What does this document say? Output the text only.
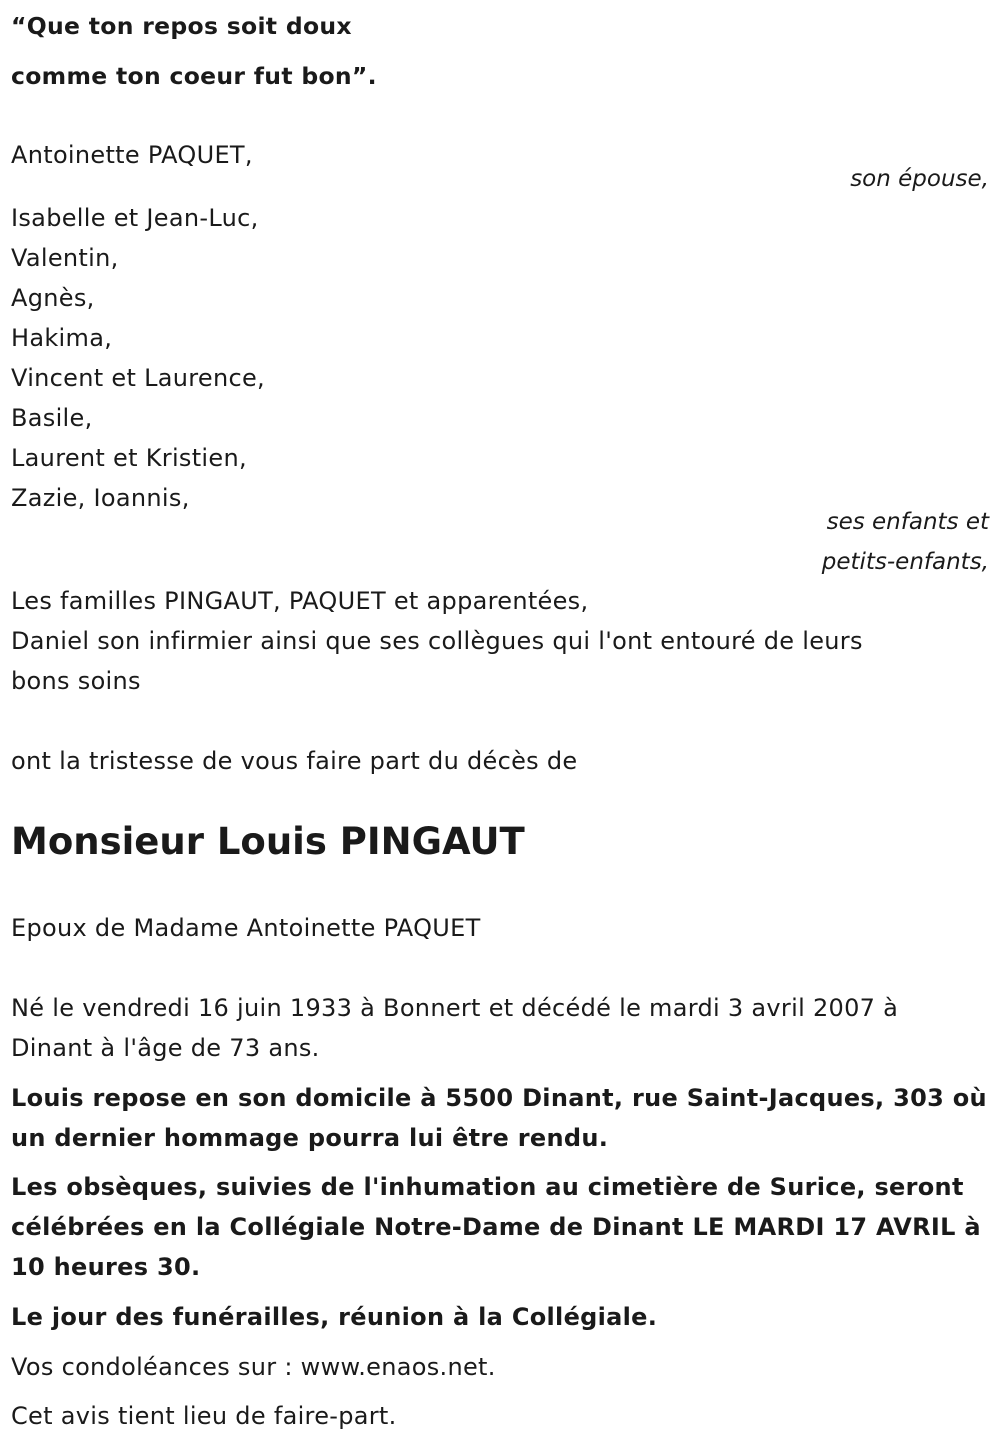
“Que ton repos soit doux
comme ton coeur fut bon”.
Antoinette PAQUET,
son épouse,
Isabelle et Jean-Luc,
Valentin,
Agnès,
Hakima,
Vincent et Laurence,
Basile,
Laurent et Kristien,
Zazie, Ioannis,
ses enfants et
petits-enfants,
Les familles PINGAUT, PAQUET et apparentées,
Daniel son infirmier ainsi que ses collègues qui l'ont entouré de leurs
bons soins
ont la tristesse de vous faire part du décès de
Monsieur Louis PINGAUT
Epoux de Madame Antoinette PAQUET
Né le vendredi 16 juin 1933 à Bonnert et décédé le mardi 3 avril 2007 à
Dinant à l'âge de 73 ans.
Louis repose en son domicile à 5500 Dinant, rue Saint-Jacques, 303 où
un dernier hommage pourra lui être rendu.
Les obsèques, suivies de l'inhumation au cimetière de Surice, seront
célébrées en la Collégiale Notre-Dame de Dinant LE MARDI 17 AVRIL à
10 heures 30.
Le jour des funérailles, réunion à la Collégiale.
Vos condoléances sur : www.enaos.net.
Cet avis tient lieu de faire-part.
